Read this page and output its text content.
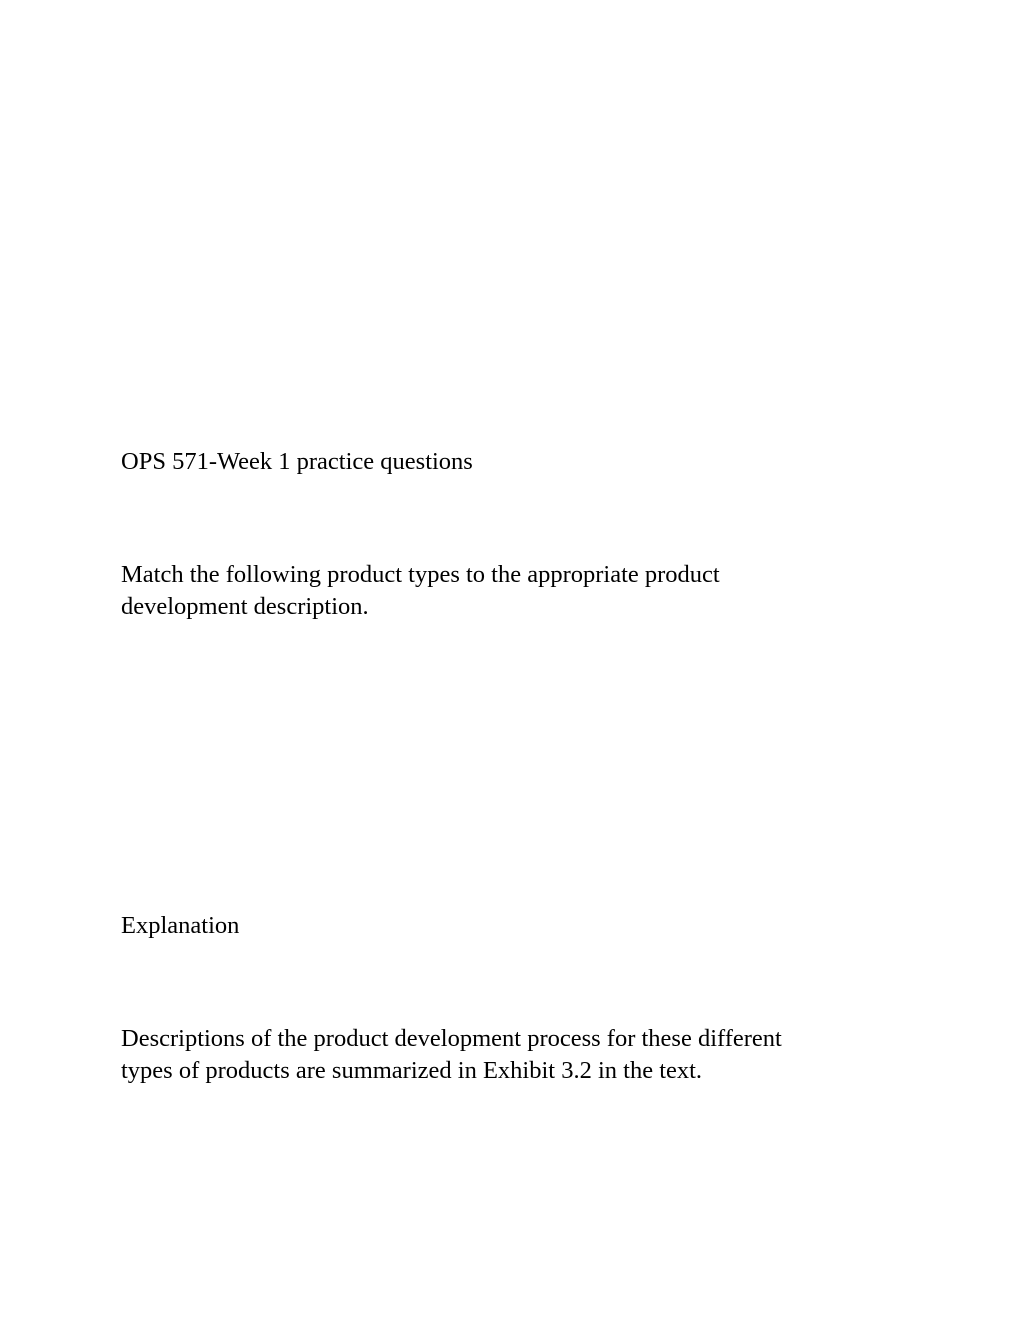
OPS 571-Week 1 practice questions

Match the following product types to the appropriate product

development description.

Explanation

Descriptions of the product development process for these different

types of products are summarized in Exhibit 3.2 in the text.
